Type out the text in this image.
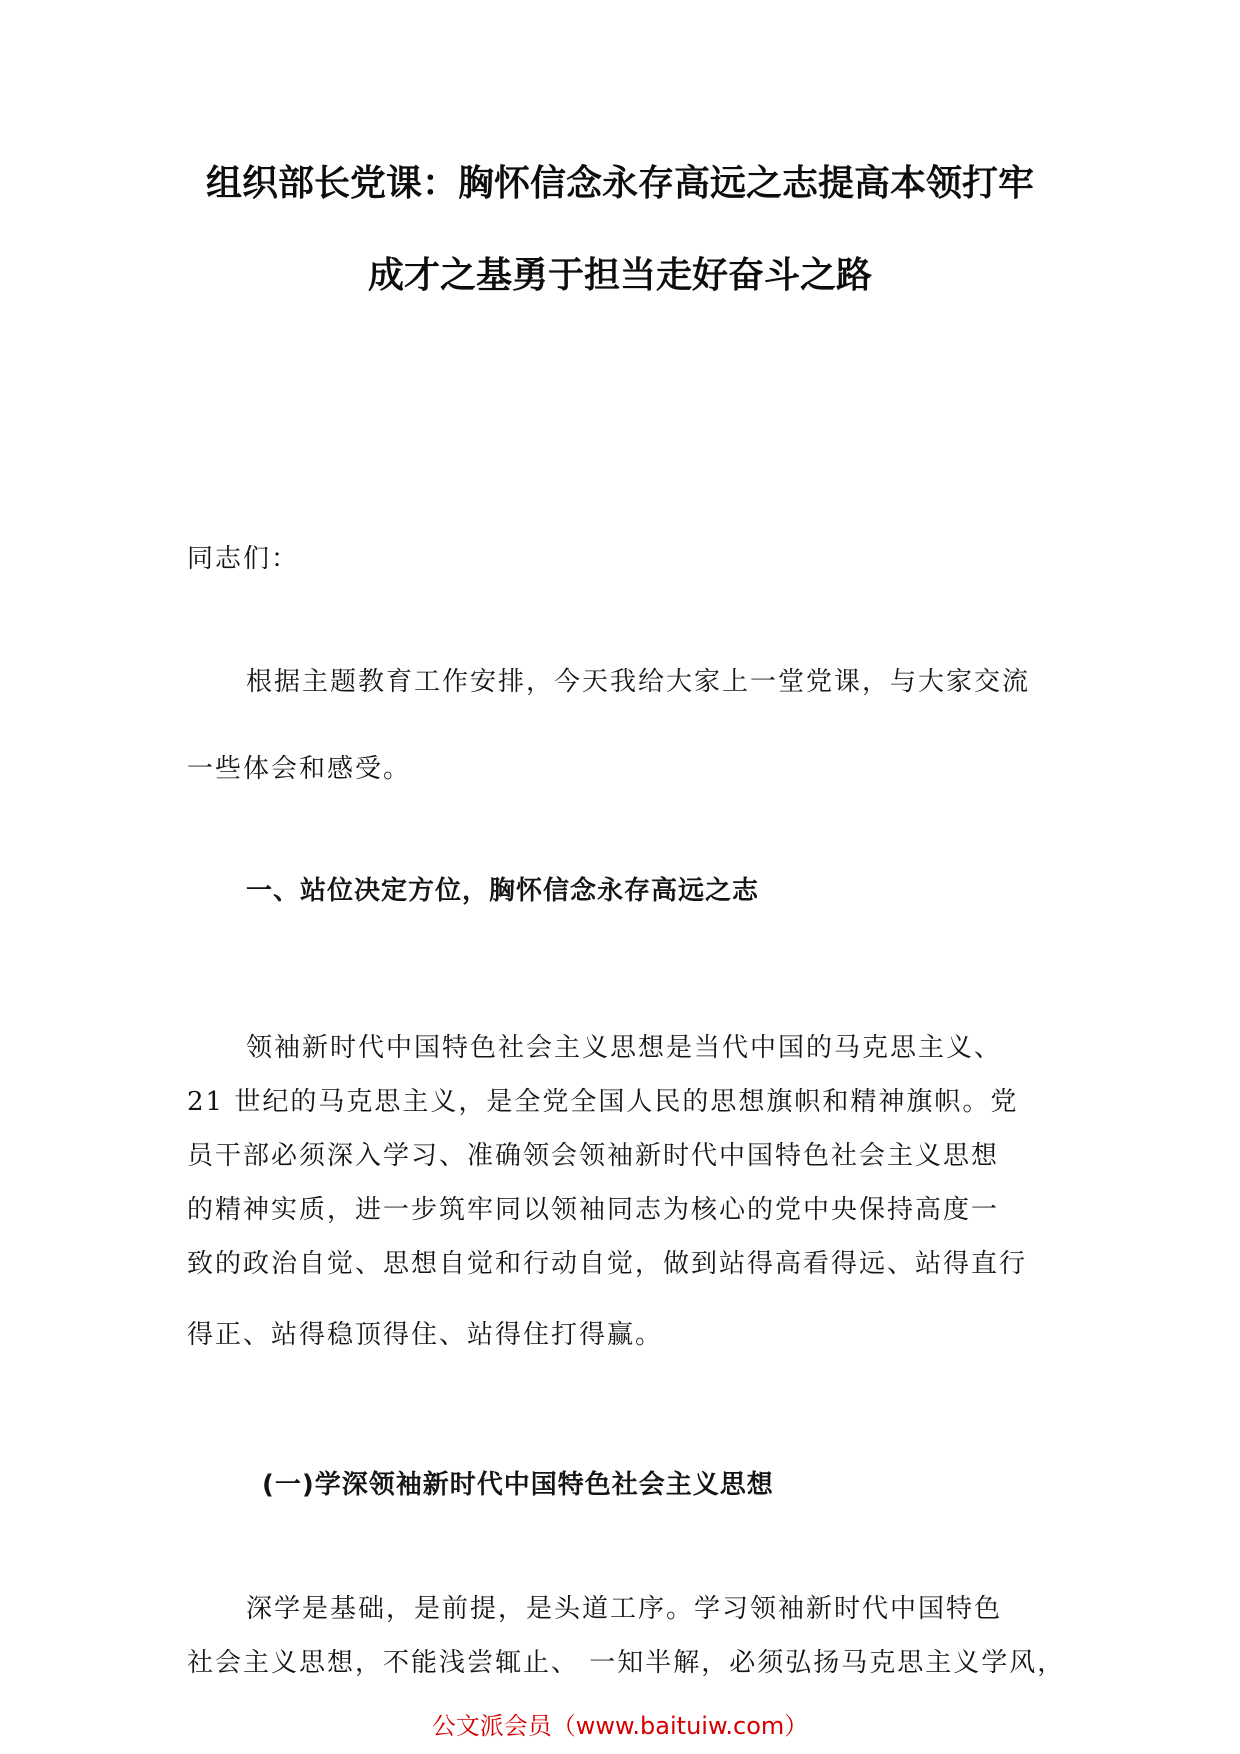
组织部长党课：胸怀信念永存高远之志提高本领打牢
成才之基勇于担当走好奋斗之路
同志们：
根据主题教育工作安排，今天我给大家上一堂党课，与大家交流
一些体会和感受。
一、站位决定方位，胸怀信念永存高远之志
领袖新时代中国特色社会主义思想是当代中国的马克思主义、
21 世纪的马克思主义，是全党全国人民的思想旗帜和精神旗帜。党
员干部必须深入学习、准确领会领袖新时代中国特色社会主义思想
的精神实质，进一步筑牢同以领袖同志为核心的党中央保持高度一
致的政治自觉、思想自觉和行动自觉，做到站得高看得远、站得直行
得正、站得稳顶得住、站得住打得赢。
(一)学深领袖新时代中国特色社会主义思想
深学是基础，是前提，是头道工序。学习领袖新时代中国特色
社会主义思想，不能浅尝辄止、 一知半解，必须弘扬马克思主义学风，
公文派会员（www.baituiw.com）
